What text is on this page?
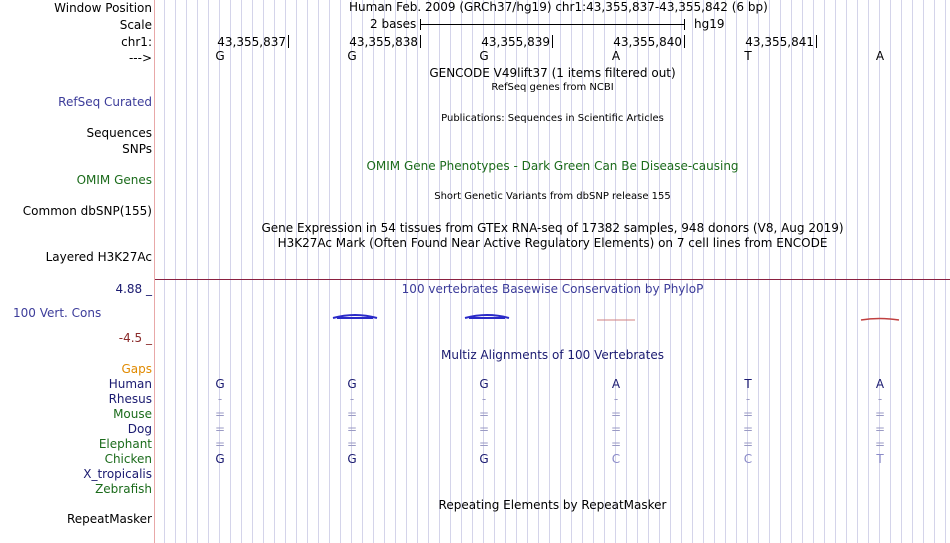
Window Position	Human Feb. 2009 (GRCh37/hg19) chr1:43,355,837-43,355,842 (6 bp)
Scale	2 bases	hg19
chr1:	43,355,837	43,355,838	43,355,839	43,355,840	43,355,841
--->	G	G	G	A	T	A
GENCODE V49lift37 (1 items filtered out)
RefSeq genes from NCBI
RefSeq Curated
Publications: Sequences in Scientific Articles
Sequences
SNPs
OMIM Gene Phenotypes - Dark Green Can Be Disease-causing
OMIM Genes
Short Genetic Variants from dbSNP release 155
Common dbSNP(155)
Gene Expression in 54 tissues from GTEx RNA-seq of 17382 samples, 948 donors (V8, Aug 2019)
H3K27Ac Mark (Often Found Near Active Regulatory Elements) on 7 cell lines from ENCODE
Layered H3K27Ac
4.88 _	100 vertebrates Basewise Conservation by PhyloP
100 Vert. Cons
-4.5 _
Multiz Alignments of 100 Vertebrates
Gaps
Human	G	G	G	A	T	A
Rhesus	-	-	-	-	-	-
Mouse	=	=	=	=	=	=
Dog	=	=	=	=	=	=
Elephant	=	=	=	=	=	=
Chicken	G	G	G	C	C	T
X_tropicalis
Zebrafish
Repeating Elements by RepeatMasker
RepeatMasker
